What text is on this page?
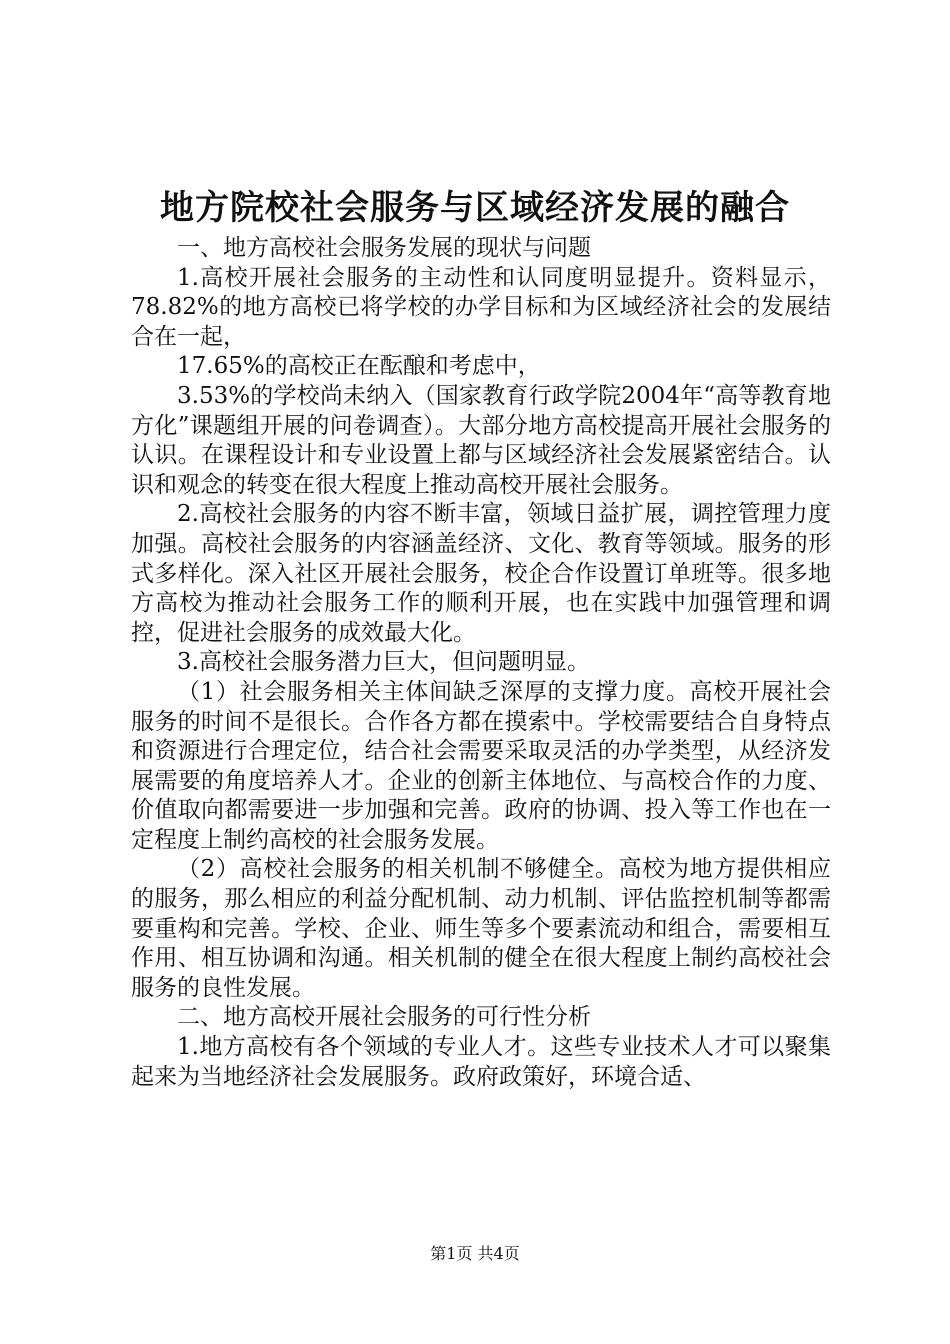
地方院校社会服务与区域经济发展的融合

一、地方高校社会服务发展的现状与问题

1.高校开展社会服务的主动性和认同度明显提升。资料显示，78.82%的地方高校已将学校的办学目标和为区域经济社会的发展结合在一起，

17.65%的高校正在酝酿和考虑中，

3.53%的学校尚未纳入（国家教育行政学院2004年“高等教育地方化”课题组开展的问卷调查）。大部分地方高校提高开展社会服务的认识。在课程设计和专业设置上都与区域经济社会发展紧密结合。认识和观念的转变在很大程度上推动高校开展社会服务。

2.高校社会服务的内容不断丰富，领域日益扩展，调控管理力度加强。高校社会服务的内容涵盖经济、文化、教育等领域。服务的形式多样化。深入社区开展社会服务，校企合作设置订单班等。很多地方高校为推动社会服务工作的顺利开展，也在实践中加强管理和调控，促进社会服务的成效最大化。

3.高校社会服务潜力巨大，但问题明显。

（1）社会服务相关主体间缺乏深厚的支撑力度。高校开展社会服务的时间不是很长。合作各方都在摸索中。学校需要结合自身特点和资源进行合理定位，结合社会需要采取灵活的办学类型，从经济发展需要的角度培养人才。企业的创新主体地位、与高校合作的力度、价值取向都需要进一步加强和完善。政府的协调、投入等工作也在一定程度上制约高校的社会服务发展。

（2）高校社会服务的相关机制不够健全。高校为地方提供相应的服务，那么相应的利益分配机制、动力机制、评估监控机制等都需要重构和完善。学校、企业、师生等多个要素流动和组合，需要相互作用、相互协调和沟通。相关机制的健全在很大程度上制约高校社会服务的良性发展。

二、地方高校开展社会服务的可行性分析

1.地方高校有各个领域的专业人才。这些专业技术人才可以聚集起来为当地经济社会发展服务。政府政策好，环境合适、

第1页 共4页
